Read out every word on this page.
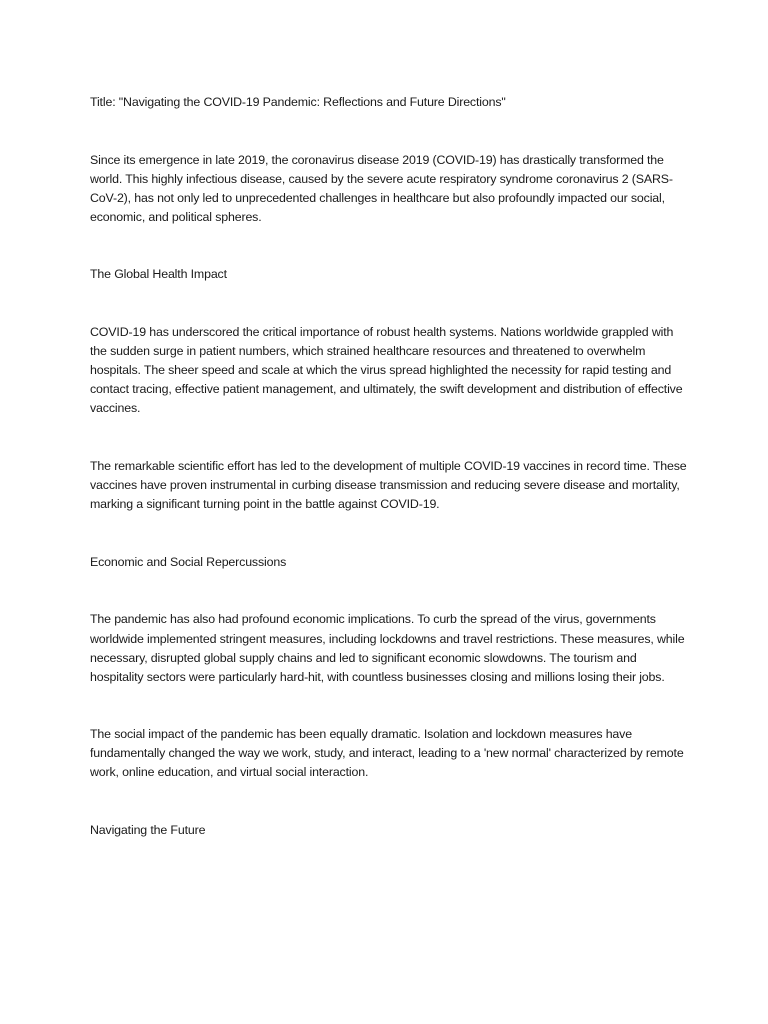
Title: "Navigating the COVID-19 Pandemic: Reflections and Future Directions"

Since its emergence in late 2019, the coronavirus disease 2019 (COVID-19) has drastically transformed the world. This highly infectious disease, caused by the severe acute respiratory syndrome coronavirus 2 (SARS-CoV-2), has not only led to unprecedented challenges in healthcare but also profoundly impacted our social, economic, and political spheres.

The Global Health Impact

COVID-19 has underscored the critical importance of robust health systems. Nations worldwide grappled with the sudden surge in patient numbers, which strained healthcare resources and threatened to overwhelm hospitals. The sheer speed and scale at which the virus spread highlighted the necessity for rapid testing and contact tracing, effective patient management, and ultimately, the swift development and distribution of effective vaccines.

The remarkable scientific effort has led to the development of multiple COVID-19 vaccines in record time. These vaccines have proven instrumental in curbing disease transmission and reducing severe disease and mortality, marking a significant turning point in the battle against COVID-19.

Economic and Social Repercussions

The pandemic has also had profound economic implications. To curb the spread of the virus, governments worldwide implemented stringent measures, including lockdowns and travel restrictions. These measures, while necessary, disrupted global supply chains and led to significant economic slowdowns. The tourism and hospitality sectors were particularly hard-hit, with countless businesses closing and millions losing their jobs.

The social impact of the pandemic has been equally dramatic. Isolation and lockdown measures have fundamentally changed the way we work, study, and interact, leading to a 'new normal' characterized by remote work, online education, and virtual social interaction.

Navigating the Future
